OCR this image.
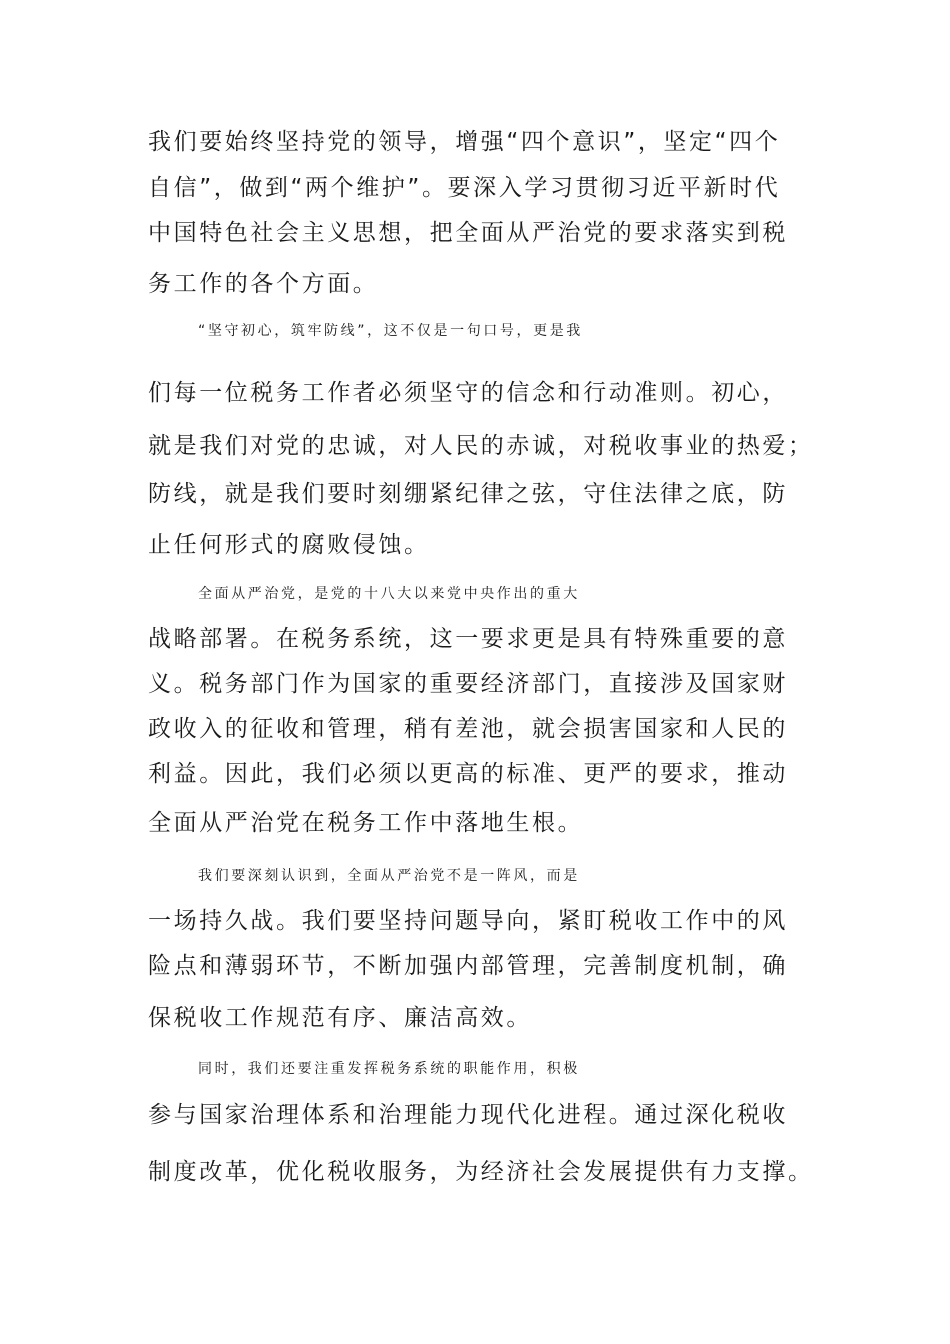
我们要始终坚持党的领导，增强“四个意识”，坚定“四个

自信”，做到“两个维护”。要深入学习贯彻习近平新时代

中国特色社会主义思想，把全面从严治党的要求落实到税

务工作的各个方面。

“坚守初心，筑牢防线”，这不仅是一句口号，更是我

们每一位税务工作者必须坚守的信念和行动准则。初心，

就是我们对党的忠诚，对人民的赤诚，对税收事业的热爱；

防线，就是我们要时刻绷紧纪律之弦，守住法律之底，防

止任何形式的腐败侵蚀。

全面从严治党，是党的十八大以来党中央作出的重大

战略部署。在税务系统，这一要求更是具有特殊重要的意

义。税务部门作为国家的重要经济部门，直接涉及国家财

政收入的征收和管理，稍有差池，就会损害国家和人民的

利益。因此，我们必须以更高的标准、更严的要求，推动

全面从严治党在税务工作中落地生根。

我们要深刻认识到，全面从严治党不是一阵风，而是

一场持久战。我们要坚持问题导向，紧盯税收工作中的风

险点和薄弱环节，不断加强内部管理，完善制度机制，确

保税收工作规范有序、廉洁高效。

同时，我们还要注重发挥税务系统的职能作用，积极

参与国家治理体系和治理能力现代化进程。通过深化税收

制度改革，优化税收服务，为经济社会发展提供有力支撑。
